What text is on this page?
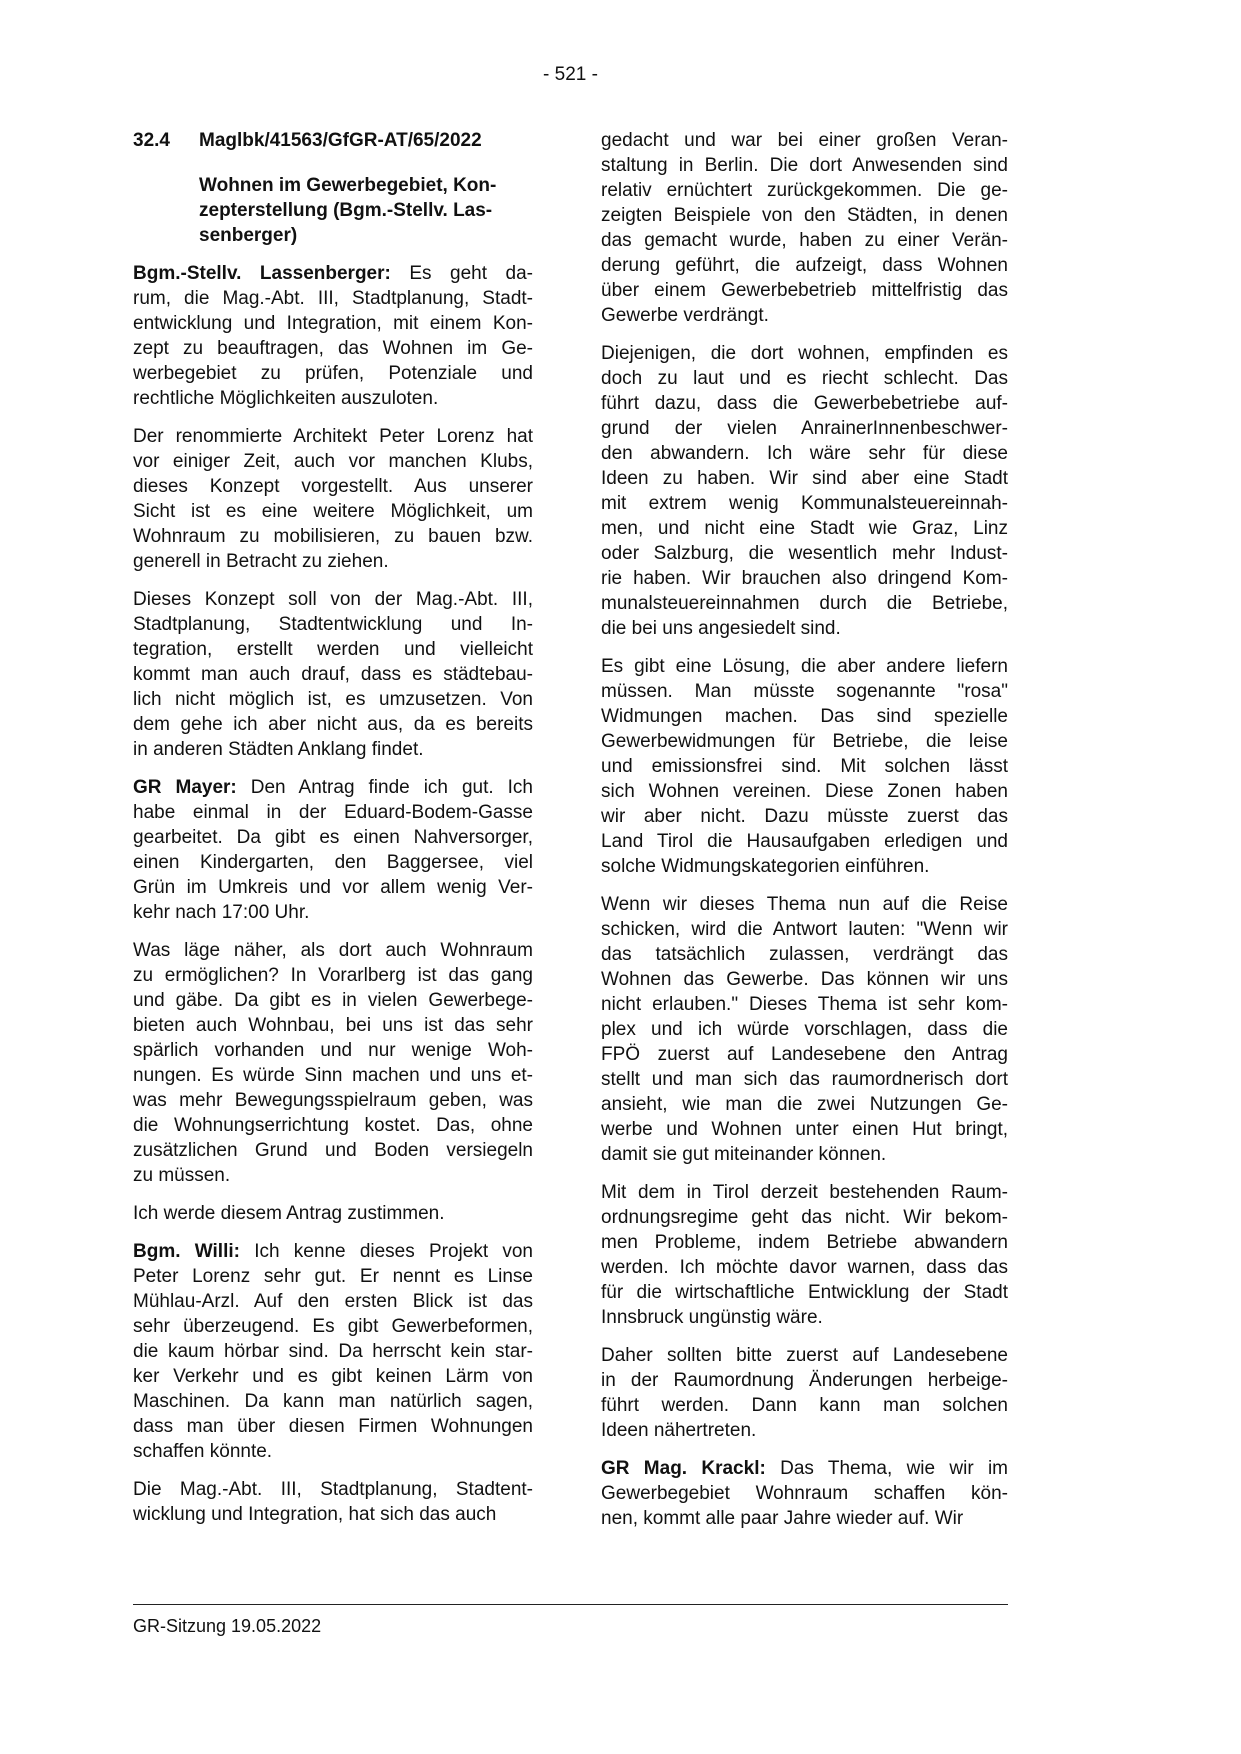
- 521 -
32.4 Maglbk/41563/GfGR-AT/65/2022
Wohnen im Gewerbegebiet, Kon-
zepterstellung (Bgm.-Stellv. Las-
senberger)
Bgm.-Stellv. Lassenberger: Es geht da-
rum, die Mag.-Abt. III, Stadtplanung, Stadt-
entwicklung und Integration, mit einem Kon-
zept zu beauftragen, das Wohnen im Ge-
werbegebiet zu prüfen, Potenziale und
rechtliche Möglichkeiten auszuloten.
Der renommierte Architekt Peter Lorenz hat
vor einiger Zeit, auch vor manchen Klubs,
dieses Konzept vorgestellt. Aus unserer
Sicht ist es eine weitere Möglichkeit, um
Wohnraum zu mobilisieren, zu bauen bzw.
generell in Betracht zu ziehen.
Dieses Konzept soll von der Mag.-Abt. III,
Stadtplanung, Stadtentwicklung und In-
tegration, erstellt werden und vielleicht
kommt man auch drauf, dass es städtebau-
lich nicht möglich ist, es umzusetzen. Von
dem gehe ich aber nicht aus, da es bereits
in anderen Städten Anklang findet.
GR Mayer: Den Antrag finde ich gut. Ich
habe einmal in der Eduard-Bodem-Gasse
gearbeitet. Da gibt es einen Nahversorger,
einen Kindergarten, den Baggersee, viel
Grün im Umkreis und vor allem wenig Ver-
kehr nach 17:00 Uhr.
Was läge näher, als dort auch Wohnraum
zu ermöglichen? In Vorarlberg ist das gang
und gäbe. Da gibt es in vielen Gewerbege-
bieten auch Wohnbau, bei uns ist das sehr
spärlich vorhanden und nur wenige Woh-
nungen. Es würde Sinn machen und uns et-
was mehr Bewegungsspielraum geben, was
die Wohnungserrichtung kostet. Das, ohne
zusätzlichen Grund und Boden versiegeln
zu müssen.
Ich werde diesem Antrag zustimmen.
Bgm. Willi: Ich kenne dieses Projekt von
Peter Lorenz sehr gut. Er nennt es Linse
Mühlau-Arzl. Auf den ersten Blick ist das
sehr überzeugend. Es gibt Gewerbeformen,
die kaum hörbar sind. Da herrscht kein star-
ker Verkehr und es gibt keinen Lärm von
Maschinen. Da kann man natürlich sagen,
dass man über diesen Firmen Wohnungen
schaffen könnte.
Die Mag.-Abt. III, Stadtplanung, Stadtent-
wicklung und Integration, hat sich das auch
gedacht und war bei einer großen Veran-
staltung in Berlin. Die dort Anwesenden sind
relativ ernüchtert zurückgekommen. Die ge-
zeigten Beispiele von den Städten, in denen
das gemacht wurde, haben zu einer Verän-
derung geführt, die aufzeigt, dass Wohnen
über einem Gewerbebetrieb mittelfristig das
Gewerbe verdrängt.
Diejenigen, die dort wohnen, empfinden es
doch zu laut und es riecht schlecht. Das
führt dazu, dass die Gewerbebetriebe auf-
grund der vielen AnrainerInnenbeschwer-
den abwandern. Ich wäre sehr für diese
Ideen zu haben. Wir sind aber eine Stadt
mit extrem wenig Kommunalsteuereinnah-
men, und nicht eine Stadt wie Graz, Linz
oder Salzburg, die wesentlich mehr Indust-
rie haben. Wir brauchen also dringend Kom-
munalsteuereinnahmen durch die Betriebe,
die bei uns angesiedelt sind.
Es gibt eine Lösung, die aber andere liefern
müssen. Man müsste sogenannte "rosa"
Widmungen machen. Das sind spezielle
Gewerbewidmungen für Betriebe, die leise
und emissionsfrei sind. Mit solchen lässt
sich Wohnen vereinen. Diese Zonen haben
wir aber nicht. Dazu müsste zuerst das
Land Tirol die Hausaufgaben erledigen und
solche Widmungskategorien einführen.
Wenn wir dieses Thema nun auf die Reise
schicken, wird die Antwort lauten: "Wenn wir
das tatsächlich zulassen, verdrängt das
Wohnen das Gewerbe. Das können wir uns
nicht erlauben." Dieses Thema ist sehr kom-
plex und ich würde vorschlagen, dass die
FPÖ zuerst auf Landesebene den Antrag
stellt und man sich das raumordnerisch dort
ansieht, wie man die zwei Nutzungen Ge-
werbe und Wohnen unter einen Hut bringt,
damit sie gut miteinander können.
Mit dem in Tirol derzeit bestehenden Raum-
ordnungsregime geht das nicht. Wir bekom-
men Probleme, indem Betriebe abwandern
werden. Ich möchte davor warnen, dass das
für die wirtschaftliche Entwicklung der Stadt
Innsbruck ungünstig wäre.
Daher sollten bitte zuerst auf Landesebene
in der Raumordnung Änderungen herbeige-
führt werden. Dann kann man solchen
Ideen nähertreten.
GR Mag. Krackl: Das Thema, wie wir im
Gewerbegebiet Wohnraum schaffen kön-
nen, kommt alle paar Jahre wieder auf. Wir
GR-Sitzung 19.05.2022
